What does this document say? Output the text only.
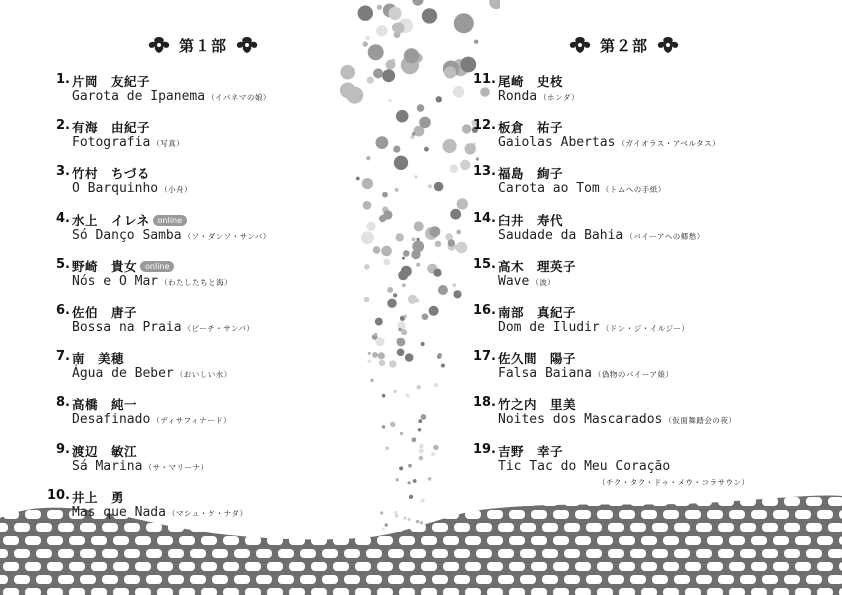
第１部
1. 片岡　友紀子
Garota de Ipanema （イパネマの娘）
2. 有海　由紀子
Fotografia （写真）
3. 竹村　ちづる
O Barquinho （小舟）
4. 水上　イレネ online
Só Danço Samba （ソ・ダンソ・サンバ）
5. 野崎　貴女 online
Nós e O Mar （わたしたちと海）
6. 佐伯　唐子
Bossa na Praia （ビーチ・サンバ）
7. 南　美穂
Água de Beber （おいしい水）
8. 高橋　純一
Desafinado （ディサフィナード）
9. 渡辺　敏江
Sá Marina （サ・マリーナ）
10. 井上　勇
Mas que Nada （マシュ・ケ・ナダ）
第２部
11. 尾崎　史枝
Ronda （ホンダ）
12. 板倉　祐子
Gaiolas Abertas （ガイオラス・アベルタス）
13. 福島　絢子
Carota ao Tom （トムへの手紙）
14. 臼井　寿代
Saudade da Bahia （バイーアへの郷愁）
15. 高木　理英子
Wave （波）
16. 南部　真紀子
Dom de Iludir （ドン・ジ・イルジー）
17. 佐久間　陽子
Falsa Baiana （偽物のバイーア娘）
18. 竹之内　里美
Noites dos Mascarados （仮面舞踏会の夜）
19. 吉野　幸子
（チク・タク・ドゥ・メウ・コラサウン）
Tic Tac do Meu Coração
